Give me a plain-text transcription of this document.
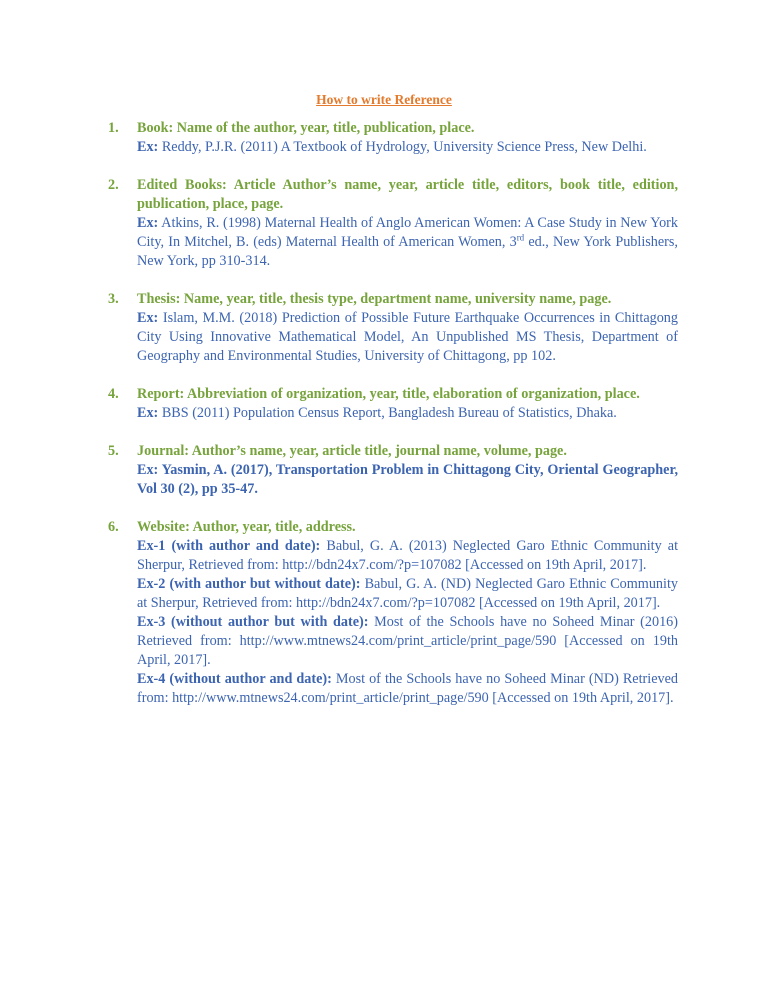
How to write Reference
1. Book: Name of the author, year, title, publication, place.
Ex: Reddy, P.J.R. (2011) A Textbook of Hydrology, University Science Press, New Delhi.
2. Edited Books: Article Author’s name, year, article title, editors, book title, edition, publication, place, page.
Ex: Atkins, R. (1998) Maternal Health of Anglo American Women: A Case Study in New York City, In Mitchel, B. (eds) Maternal Health of American Women, 3rd ed., New York Publishers, New York, pp 310-314.
3. Thesis: Name, year, title, thesis type, department name, university name, page.
Ex: Islam, M.M. (2018) Prediction of Possible Future Earthquake Occurrences in Chittagong City Using Innovative Mathematical Model, An Unpublished MS Thesis, Department of Geography and Environmental Studies, University of Chittagong, pp 102.
4. Report: Abbreviation of organization, year, title, elaboration of organization, place.
Ex: BBS (2011) Population Census Report, Bangladesh Bureau of Statistics, Dhaka.
5. Journal: Author’s name, year, article title, journal name, volume, page.
Ex: Yasmin, A. (2017), Transportation Problem in Chittagong City, Oriental Geographer, Vol 30 (2), pp 35-47.
6. Website: Author, year, title, address.
Ex-1 (with author and date): Babul, G. A. (2013) Neglected Garo Ethnic Community at Sherpur, Retrieved from: http://bdn24x7.com/?p=107082 [Accessed on 19th April, 2017].
Ex-2 (with author but without date): Babul, G. A. (ND) Neglected Garo Ethnic Community at Sherpur, Retrieved from: http://bdn24x7.com/?p=107082 [Accessed on 19th April, 2017].
Ex-3 (without author but with date): Most of the Schools have no Soheed Minar (2016) Retrieved from: http://www.mtnews24.com/print_article/print_page/590 [Accessed on 19th April, 2017].
Ex-4 (without author and date): Most of the Schools have no Soheed Minar (ND) Retrieved from: http://www.mtnews24.com/print_article/print_page/590 [Accessed on 19th April, 2017].
